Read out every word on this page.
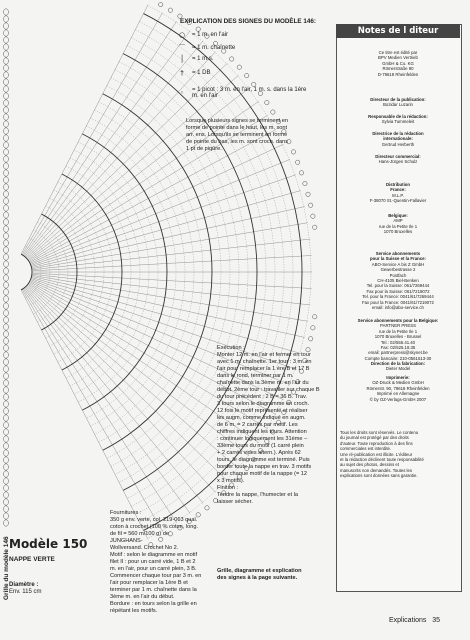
EXPLICATION DES SIGNES DU MODÈLE 146:
○	= 1 m. en l'air
⌒	= 1 m. chaînette
│	= 1 m.s.
†	= 1 DB
◦	= 1 picot : 3 m. en l'air, 1 m. s. dans la 1ère
m. en l'air
Lorsque plusieurs signes se terminent en
forme de pointe dans le haut, les m. sont
arr. ens. Lorsqu'ils se terminent en forme
de pointe du bas, les m. sont croch. dans
1 pt de piqûre.
Grille du modèle 146 Modèle 150
NAPPE VERTE
Diamètre :
Env. 115 cm
Fournitures :
350 g env. verte, col. 219-063 qual.
coton à crochet (100 % coton, long.
de fil = 560 m/100 g) de JUNGHANS-
Wollversand. Crochet No 2.
Motif : selon le diagramme en motif
filet II : pour un carré vide, 1 B et 2
m. en l'air, pour un carré plein, 3 B.
Commencer chaque tour par 3 m. en
l'air pour remplacer la 1ère B et
terminer par 1 m. chaînette dans la
3ème m. en l'air du début.
Bordure : en tours selon la grille en
répétant les motifs.
Exécution :
Monter 12 m. en l'air et fermer en tour
avec 1 m. chaînette. 1er tour : 3 m. en
l'air pour remplacer la 1 ère B et 17 B
dans le rond, terminer par 1 m.
chaînette dans la 3ème m. en l'air du
début. 2ème tour : travailler sur chaque B
du tour précédent : 2 B = 36 B. Trav.
3 tours selon le diagramme en croch.
12 fois le motif représenté et réaliser
les augm. comme indiqué en augm.
de 6 m. = 2 carrés par motif. Les
chiffres indiquent les tours. Attention
: continuer logiquement les 31ème –
33ème tours du motif (1 carré plein
+ 2 carrés vides altern.). Après 62
tours, le diagramme est terminé. Puis
border toute la nappe en trav. 3 motifs
pour chaque motif de la nappe (= 12
x 3 motifs).
Finition :
Tendre la nappe, l'humecter et la
laisser sécher.
Grille, diagramme et explication
des signes à la page suivante.
Notes de l diteur
Ce titre est édité par
BPV Medien Vertrieb
GmbH & Co. KG
Römerstraße 90
D-79618 Rheinfelden
Directeur de la publication:
Bozidar Luzarin
Responsable de la rédaction:
Sylvia Tummeleit
Directrice de la rédaction
internationale:
Gertrud Herberth
Directeur commercial:
Hans-Jürgen Schulz
Distribution
France:
M.L.P.
F-38070 St.-Quentin-Fallavier
Belgique:
AMP
rue de la Petite Ile 1
1070 Bruxelles
Service abonnements
pour la Suisse et la France:
ABO-Service A bis Z GmbH
Gewerbestrasse 2
Postfach
CH-4105 Biel-Benken
Tel. pour la Suisse: 061/7269444
Fax pour la Suisse: 061/7219072
Tel. pour la France: 0041/61/7269444
Fax pour la France: 0041/61/7219072
email: info@abo-service.ch
Service abonnements pour la Belgique:
PARTNER PRESS
rue de la Petite Ile 1
1070 Bruxelles - Brussel
Tel.: 02/556.41.40
Fax: 02/525.18.35
email: partnerpress@skynet.be
Compte bancaire: 210-0561613-30
Direction de la fabrication:
Dieter Model
Imprimerie:
OZ-Druck & Medien GmbH
Römerstr. 90, 79618 Rheinfelden
Imprimé en Allemagne
© by OZ-Verlags-GmbH 2007
Tous les droits sont réservés. Le contenu
du journal est protégé par des droits
d'auteur. Toute reproduction à des fins
commerciales est interdite.
Une ré-publication est illicite. L'éditeur
et la rédaction déclinent toute responsabilité
au sujet des photos, dessins et
manuscrits non demandés. Toutes les
explications sont données sans garantie.
Explications 35
